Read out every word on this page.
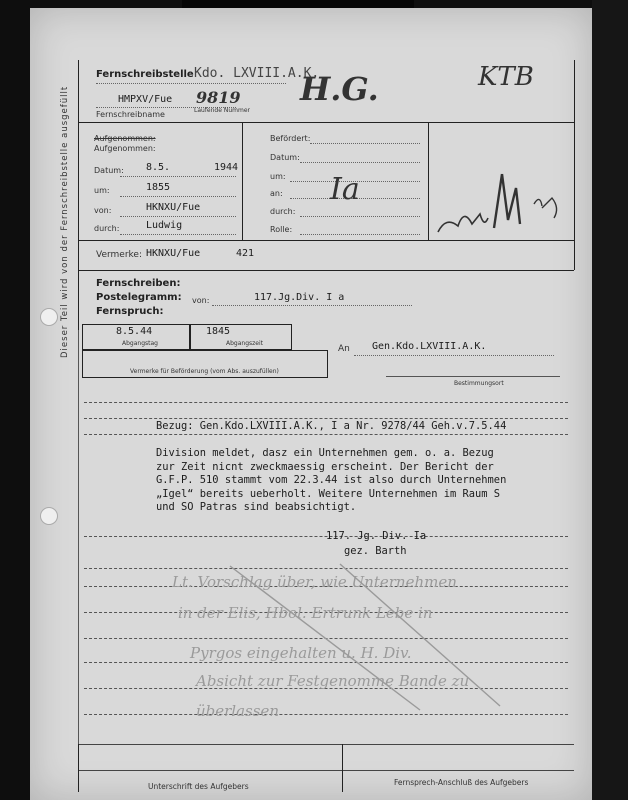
Dieser Teil wird von der Fernschreibstelle ausgefüllt
Fernschreibstelle Kdo. LXVIII.A.K.
HMPXV/Fue 9819
Fernschreibname	Laufende Nummer
H.G.	KTB
Aufgenommen:
Aufgenommen:
Datum: 8.5.	1944
um:	1855
von:	HKNXU/Fue
durch:	Ludwig
Befördert:
Datum:
um:
an:
durch:
Rolle:
Ia
Vermerke: HKNXU/Fue	421
Fernschreiben:
Postelegramm:
Fernspruch:
von:	117.Jg.Div. I a
8.5.44
Abgangstag
1845
Abgangszeit
Vermerke für Beförderung (vom Abs. auszufüllen)
An Gen.Kdo.LXVIII.A.K.
Bestimmungsort
Bezug: Gen.Kdo.LXVIII.A.K., I a Nr. 9278/44 Geh.v.7.5.44
Division meldet, dasz ein Unternehmen gem. o. a. Bezug
zur Zeit nicnt zweckmaessig erscheint. Der Bericht der
G.F.P. 510 stammt vom 22.3.44 ist also durch Unternehmen
„Igel“ bereits ueberholt. Weitere Unternehmen im Raum S
und SO Patras sind beabsichtigt.
117. Jg. Div. Ia
gez. Barth
Lt. Vorschlag über, wie Unternehmen
in der Elis, Hbol. Ertrunk Lebe in
Pyrgos eingehalten u. H. Div.
Absicht zur Festgenomme Bande zu
überlassen
Unterschrift des Aufgebers	Fernsprech-Anschluß des Aufgebers
